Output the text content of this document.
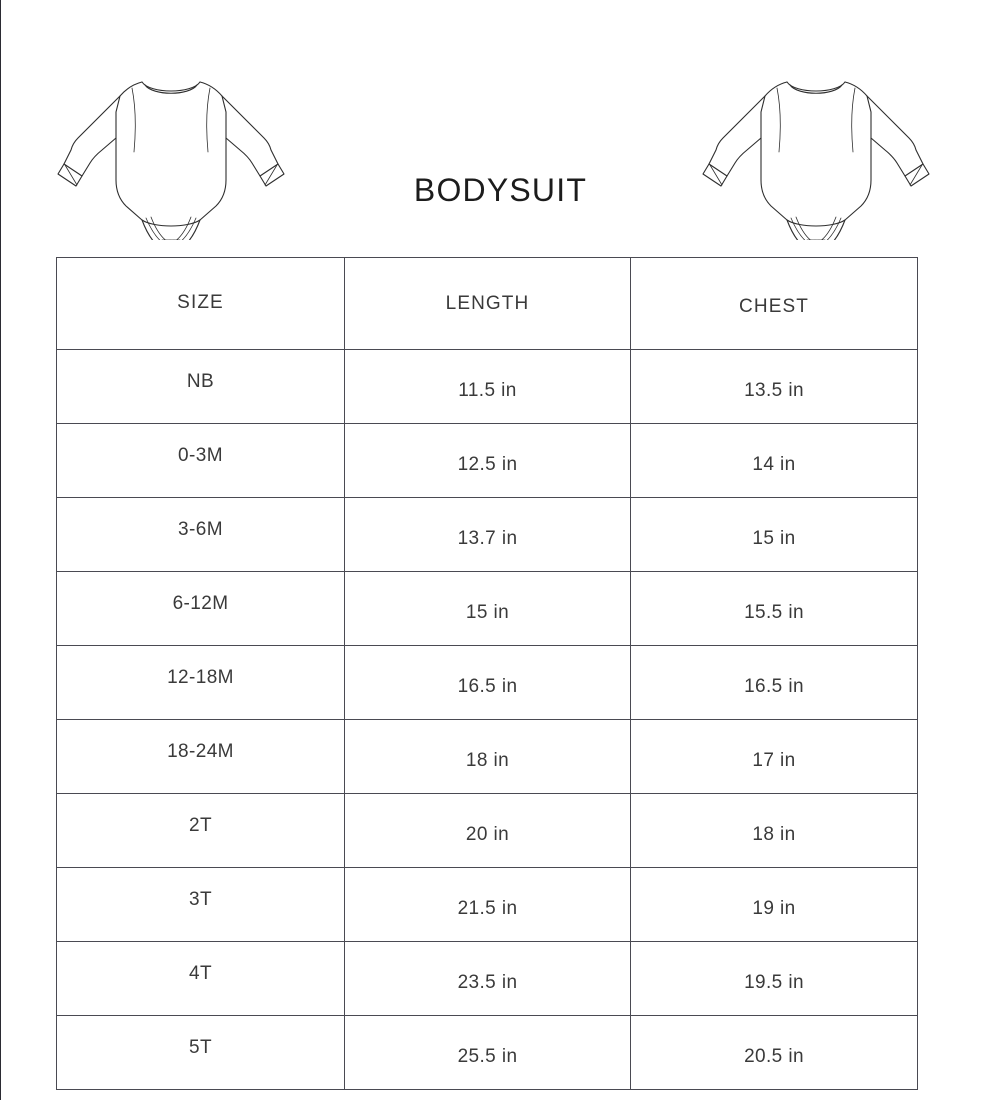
BODYSUIT
SIZE	LENGTH	CHEST
NB	11.5 in	13.5 in
0-3M	12.5 in	14 in
3-6M	13.7 in	15 in
6-12M	15 in	15.5 in
12-18M	16.5 in	16.5 in
18-24M	18 in	17 in
2T	20 in	18 in
3T	21.5 in	19 in
4T	23.5 in	19.5 in
5T	25.5 in	20.5 in
